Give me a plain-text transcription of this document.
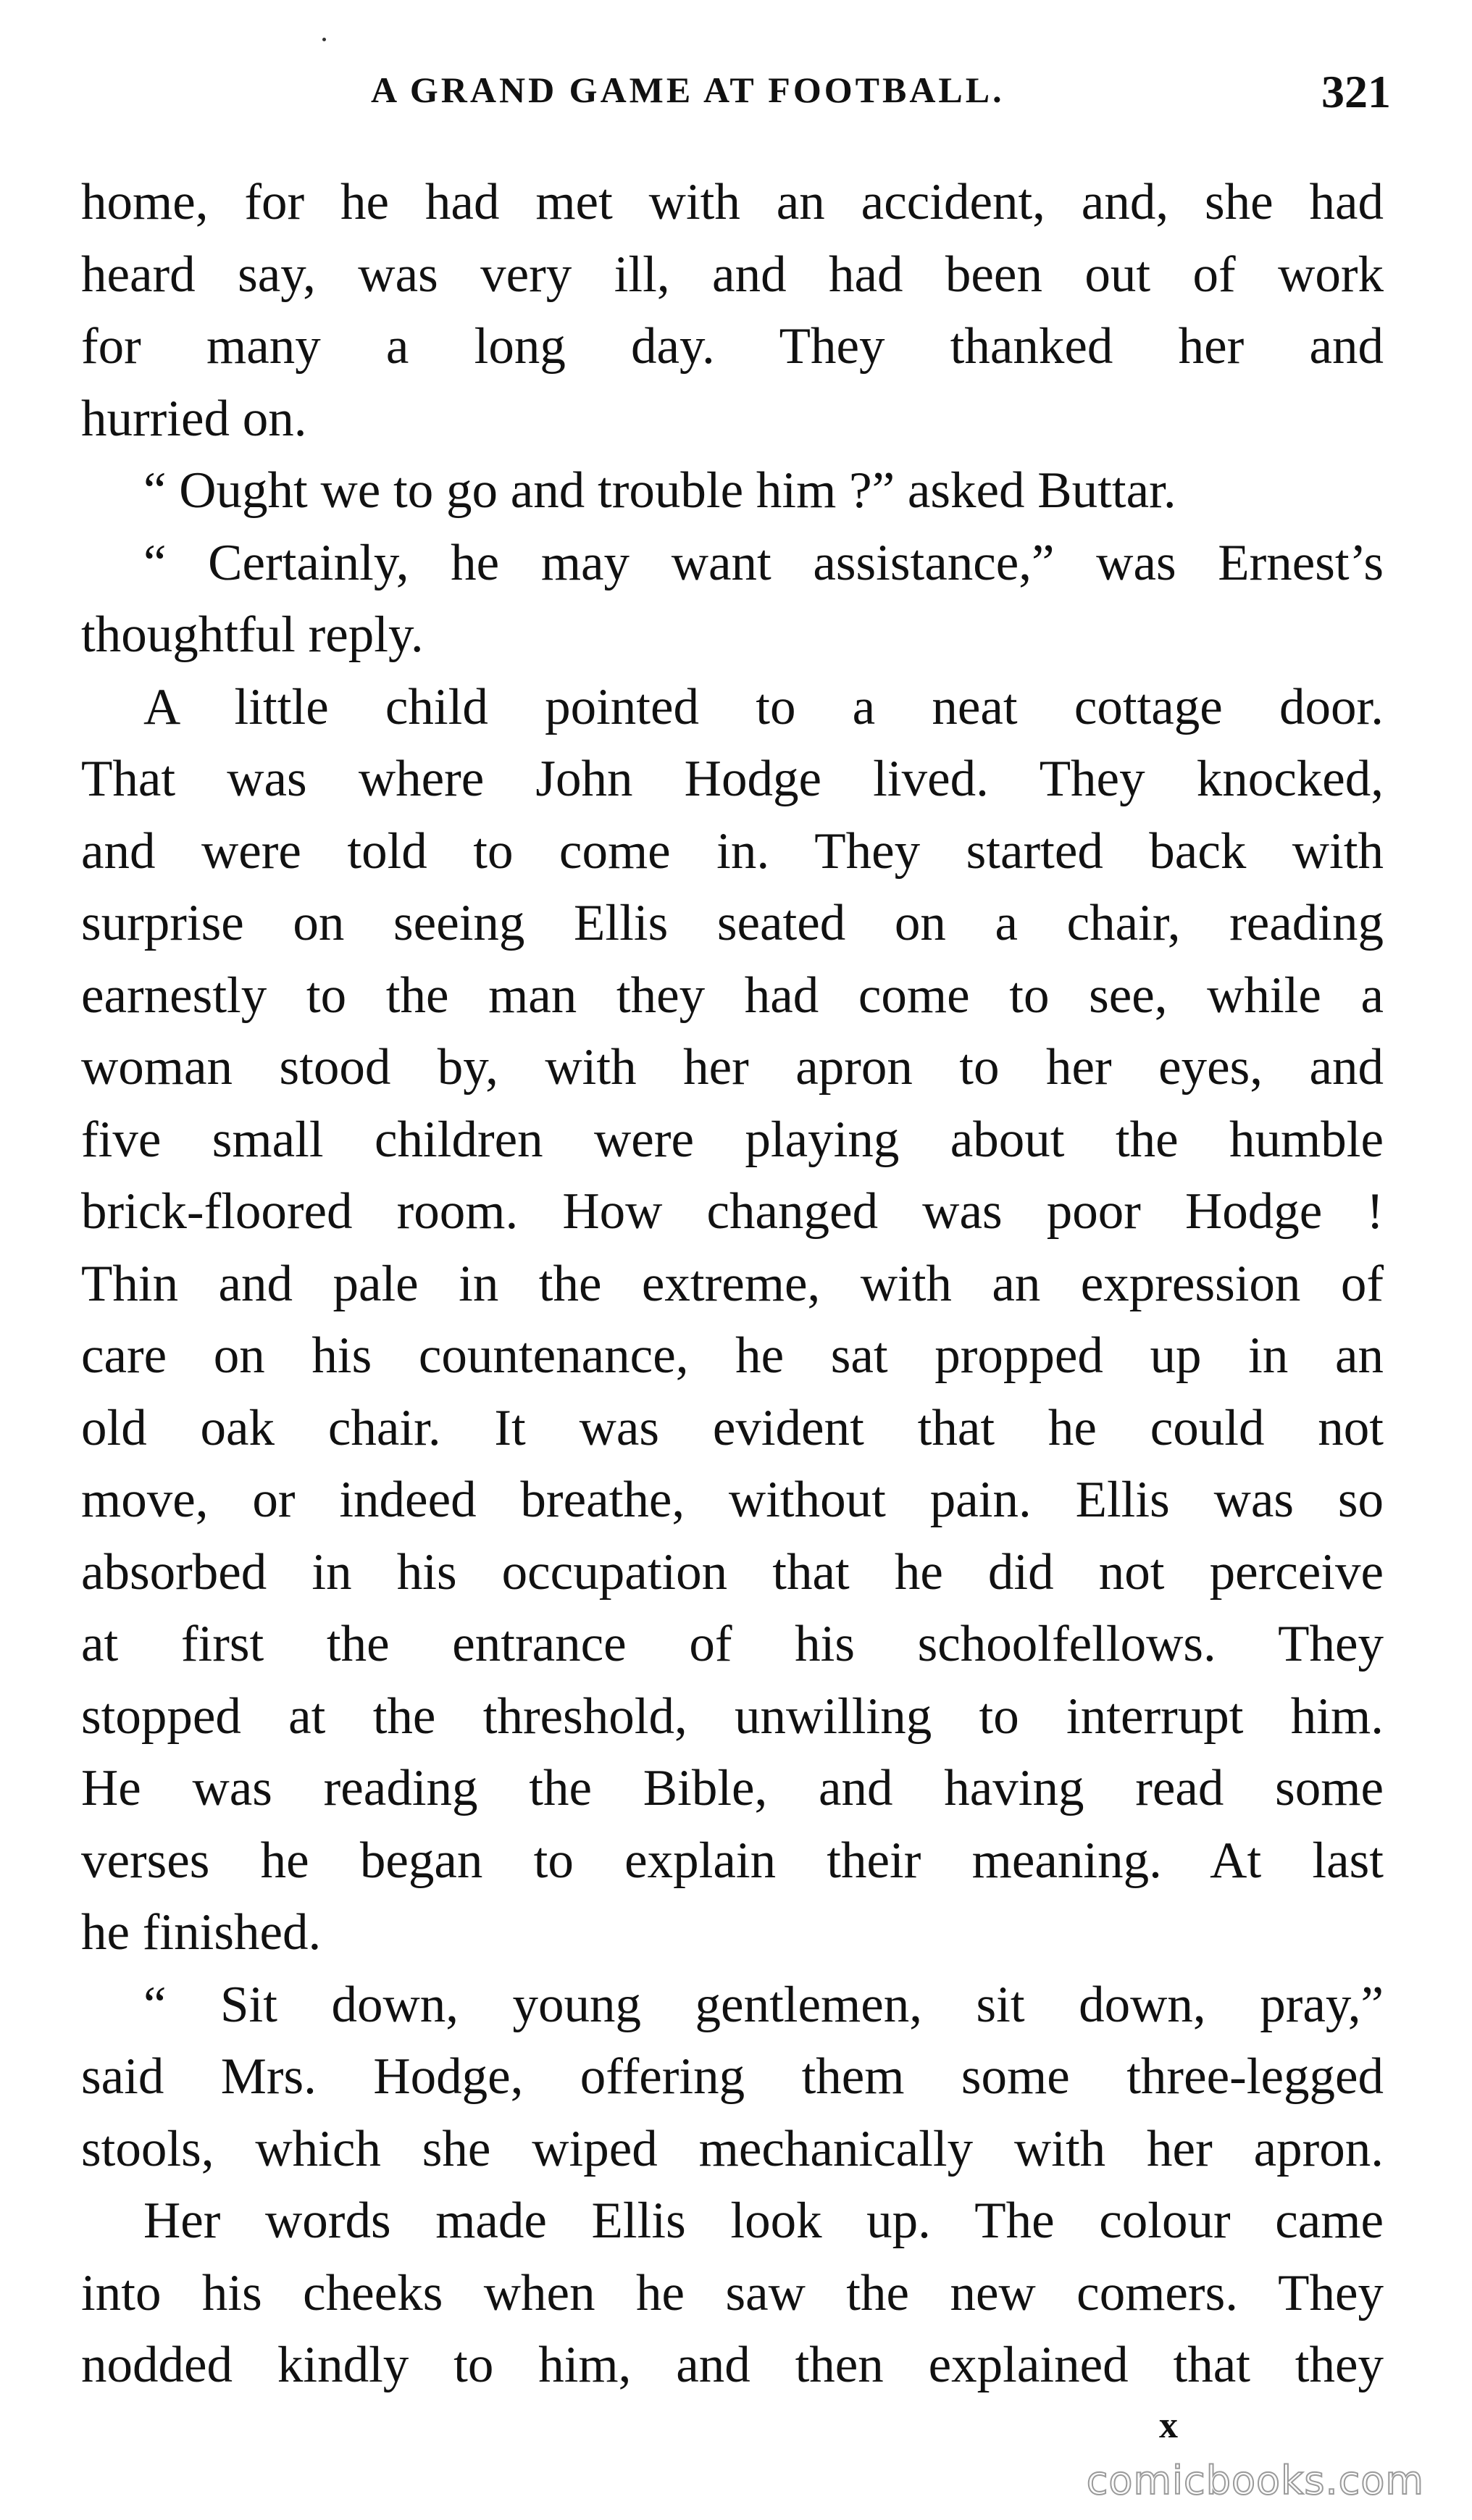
A GRAND GAME AT FOOTBALL.	321
home, for he had met with an accident, and, she had
heard say, was very ill, and had been out of work
for many a long day. They thanked her and
hurried on.
“ Ought we to go and trouble him ?” asked Buttar.
“ Certainly, he may want assistance,” was Ernest’s
thoughtful reply.
A little child pointed to a neat cottage door.
That was where John Hodge lived. They knocked,
and were told to come in. They started back with
surprise on seeing Ellis seated on a chair, reading
earnestly to the man they had come to see, while a
woman stood by, with her apron to her eyes, and
five small children were playing about the humble
brick-floored room. How changed was poor Hodge !
Thin and pale in the extreme, with an expression of
care on his countenance, he sat propped up in an
old oak chair. It was evident that he could not
move, or indeed breathe, without pain. Ellis was so
absorbed in his occupation that he did not perceive
at first the entrance of his schoolfellows. They
stopped at the threshold, unwilling to interrupt him.
He was reading the Bible, and having read some
verses he began to explain their meaning. At last
he finished.
“ Sit down, young gentlemen, sit down, pray,”
said Mrs. Hodge, offering them some three-legged
stools, which she wiped mechanically with her apron.
Her words made Ellis look up. The colour came
into his cheeks when he saw the new comers. They
nodded kindly to him, and then explained that they
x
comicbooks.com
